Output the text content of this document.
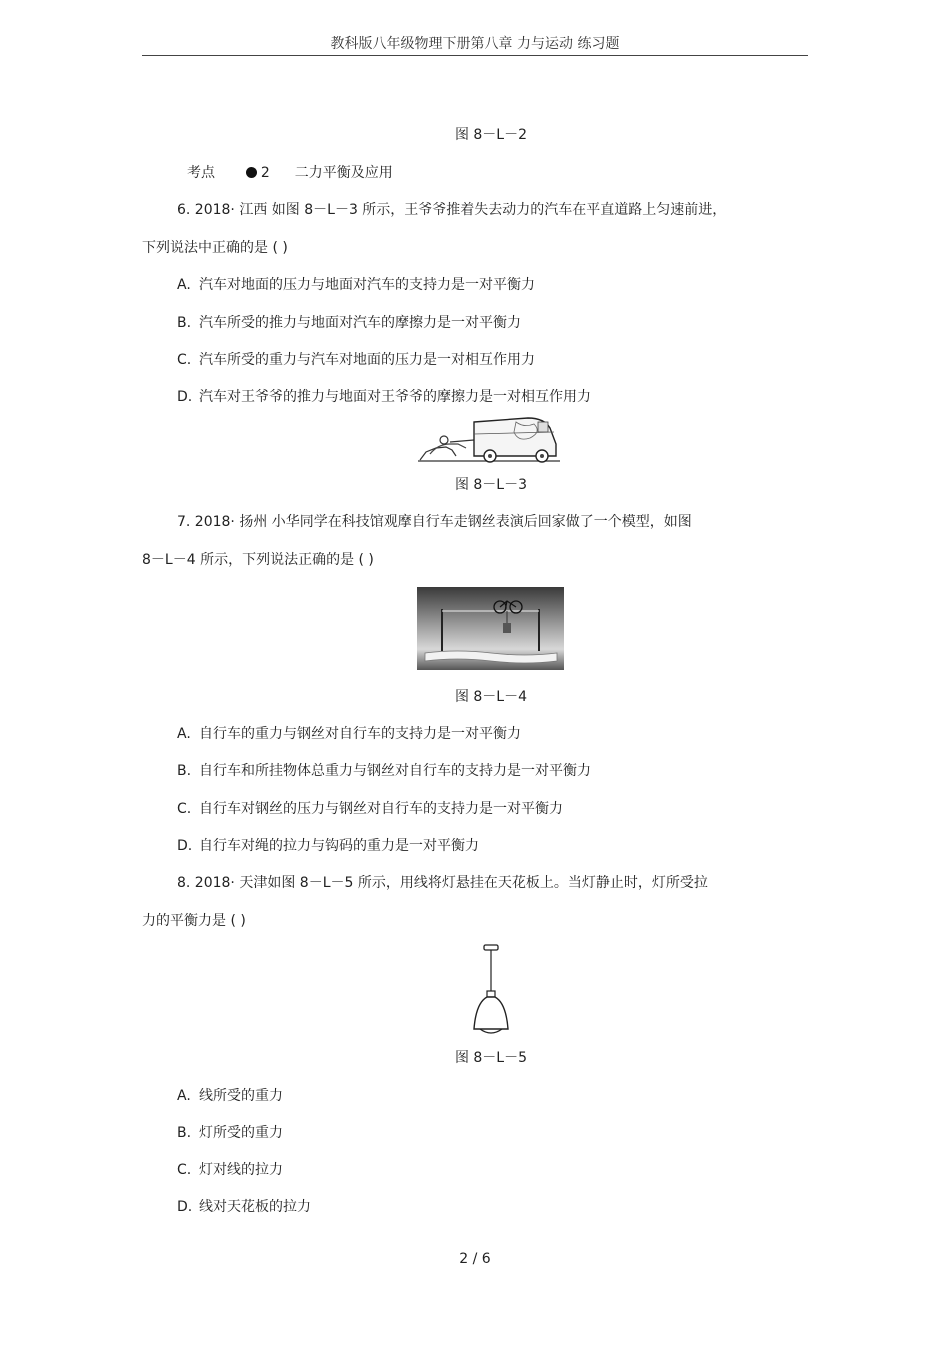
教科版八年级物理下册第八章 力与运动 练习题
图 8－L－2
考点	2 二力平衡及应用
6. 2018· 江西 如图 8－L－3 所示，王爷爷推着失去动力的汽车在平直道路上匀速前进，
下列说法中正确的是 ( )
A. 汽车对地面的压力与地面对汽车的支持力是一对平衡力
B. 汽车所受的推力与地面对汽车的摩擦力是一对平衡力
C. 汽车所受的重力与汽车对地面的压力是一对相互作用力
D. 汽车对王爷爷的推力与地面对王爷爷的摩擦力是一对相互作用力
图 8－L－3
7. 2018· 扬州 小华同学在科技馆观摩自行车走钢丝表演后回家做了一个模型，如图
8－L－4 所示，下列说法正确的是 ( )
图 8－L－4
A. 自行车的重力与钢丝对自行车的支持力是一对平衡力
B. 自行车和所挂物体总重力与钢丝对自行车的支持力是一对平衡力
C. 自行车对钢丝的压力与钢丝对自行车的支持力是一对平衡力
D. 自行车对绳的拉力与钩码的重力是一对平衡力
8. 2018· 天津如图 8－L－5 所示，用线将灯悬挂在天花板上。当灯静止时，灯所受拉
力的平衡力是 ( )
图 8－L－5
A. 线所受的重力
B. 灯所受的重力
C. 灯对线的拉力
D. 线对天花板的拉力
2 / 6
